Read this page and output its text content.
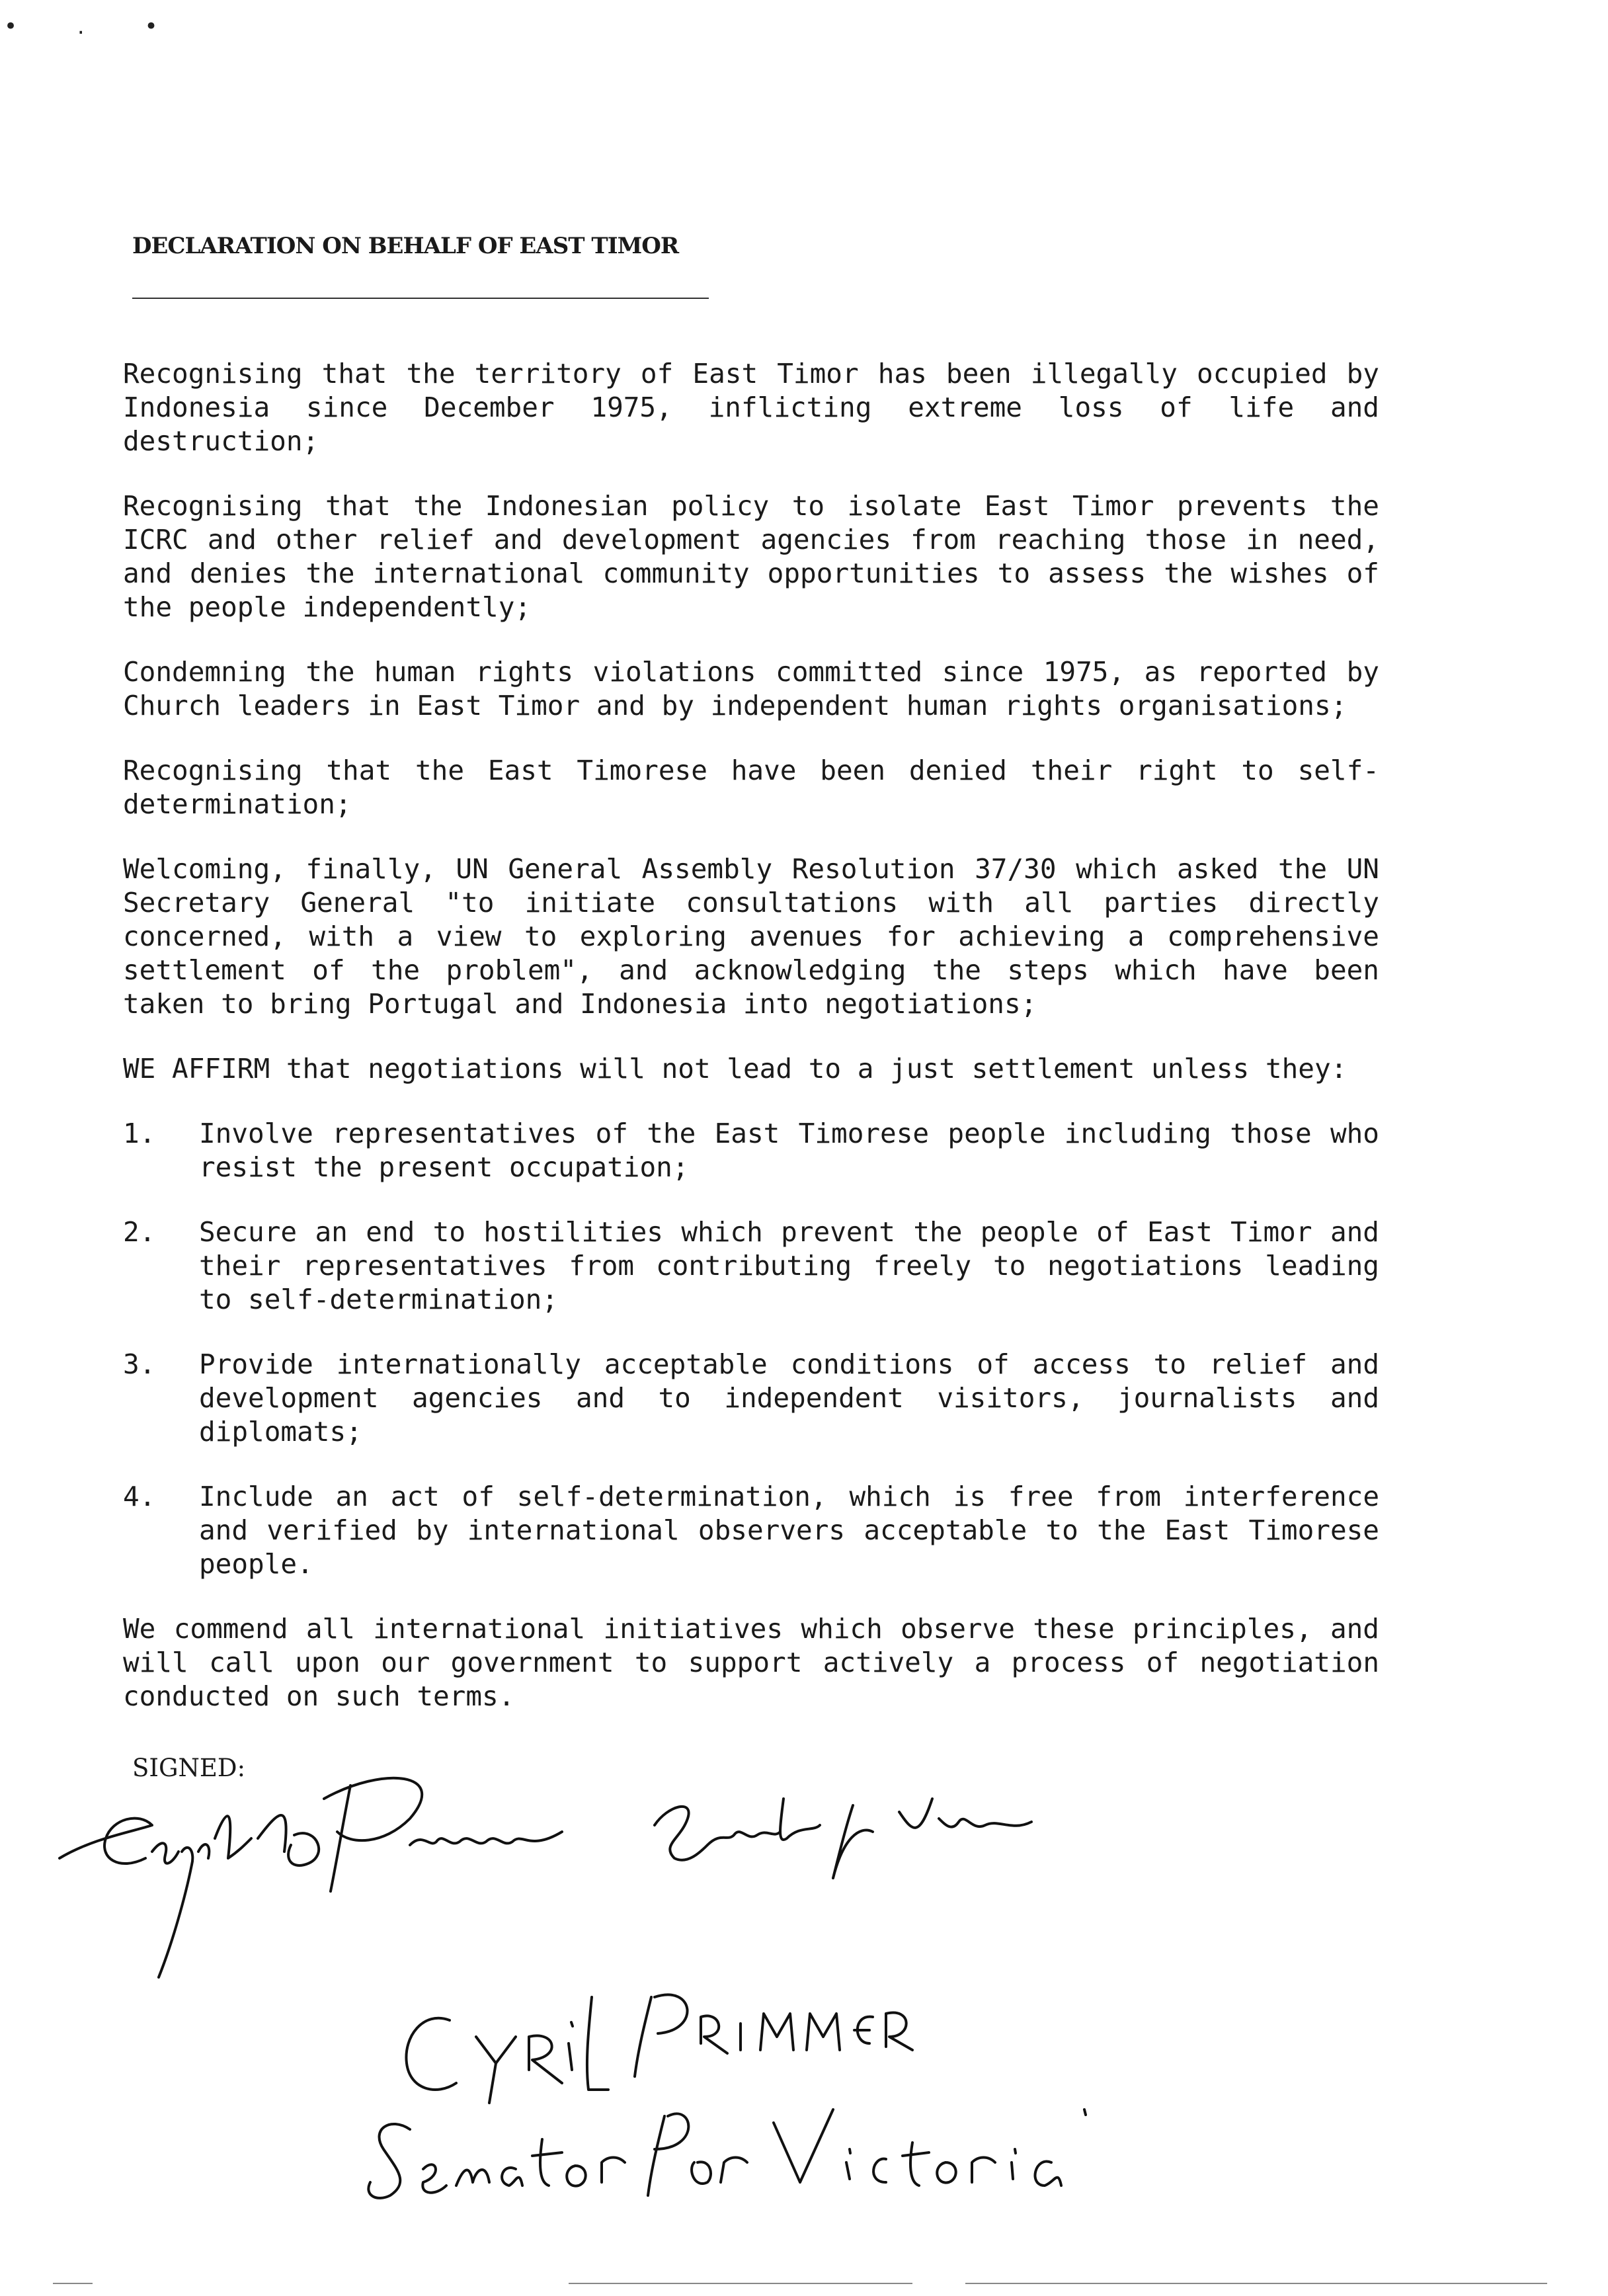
• . •
DECLARATION ON BEHALF OF EAST TIMOR

Recognising that the territory of East Timor has been illegally occupied by Indonesia since December 1975, inflicting extreme loss of life and destruction;

Recognising that the Indonesian policy to isolate East Timor prevents the ICRC and other relief and development agencies from reaching those in need, and denies the international community opportunities to assess the wishes of the people independently;

Condemning the human rights violations committed since 1975, as reported by Church leaders in East Timor and by independent human rights organisations;

Recognising that the East Timorese have been denied their right to self-determination;

Welcoming, finally, UN General Assembly Resolution 37/30 which asked the UN Secretary General "to initiate consultations with all parties directly concerned, with a view to exploring avenues for achieving a comprehensive settlement of the problem", and acknowledging the steps which have been taken to bring Portugal and Indonesia into negotiations;

WE AFFIRM that negotiations will not lead to a just settlement unless they:

1.	Involve representatives of the East Timorese people including those who resist the present occupation;
2.	Secure an end to hostilities which prevent the people of East Timor and their representatives from contributing freely to negotiations leading to self-determination;
3.	Provide internationally acceptable conditions of access to relief and development agencies and to independent visitors, journalists and diplomats;
4.	Include an act of self-determination, which is free from interference and verified by international observers acceptable to the East Timorese people.

We commend all international initiatives which observe these principles, and will call upon our government to support actively a process of negotiation conducted on such terms.

SIGNED:
